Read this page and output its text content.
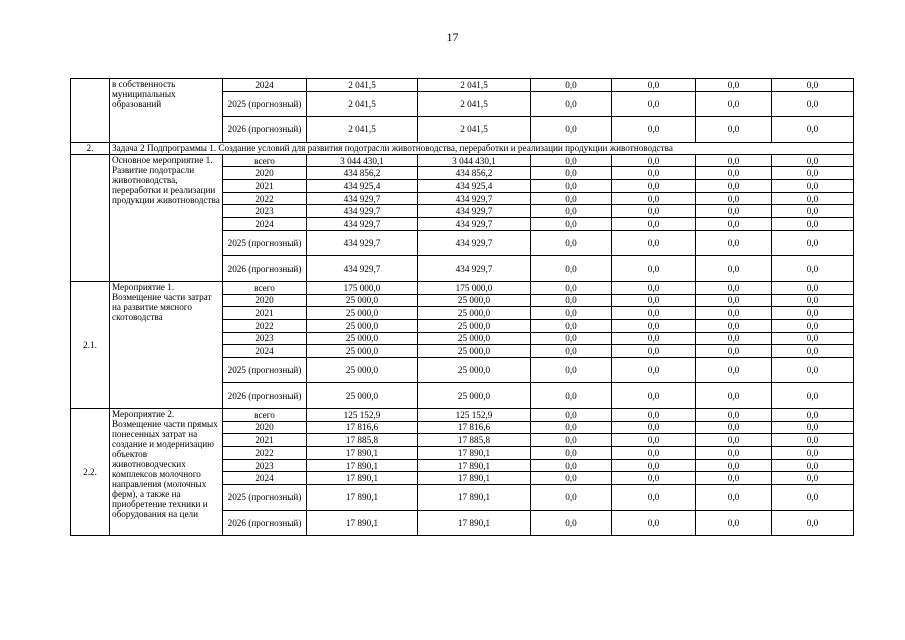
17
	в собственность муниципальных образований	2024	2 041,5	2 041,5	0,0	0,0	0,0	0,0
		2025 (прогнозный)	2 041,5	2 041,5	0,0	0,0	0,0	0,0
		2026 (прогнозный)	2 041,5	2 041,5	0,0	0,0	0,0	0,0
2.	Задача 2 Подпрограммы 1. Создание условий для развития подотрасли животноводства, переработки и реализации продукции животноводства							
	Основное мероприятие 1. Развитие подотрасли животноводства, переработки и реализации продукции животноводства	всего	3 044 430,1	3 044 430,1	0,0	0,0	0,0	0,0
		2020	434 856,2	434 856,2	0,0	0,0	0,0	0,0
		2021	434 925,4	434 925,4	0,0	0,0	0,0	0,0
		2022	434 929,7	434 929,7	0,0	0,0	0,0	0,0
		2023	434 929,7	434 929,7	0,0	0,0	0,0	0,0
		2024	434 929,7	434 929,7	0,0	0,0	0,0	0,0
		2025 (прогнозный)	434 929,7	434 929,7	0,0	0,0	0,0	0,0
		2026 (прогнозный)	434 929,7	434 929,7	0,0	0,0	0,0	0,0
2.1.	Мероприятие 1. Возмещение части затрат на развитие мясного скотоводства	всего	175 000,0	175 000,0	0,0	0,0	0,0	0,0
		2020	25 000,0	25 000,0	0,0	0,0	0,0	0,0
		2021	25 000,0	25 000,0	0,0	0,0	0,0	0,0
		2022	25 000,0	25 000,0	0,0	0,0	0,0	0,0
		2023	25 000,0	25 000,0	0,0	0,0	0,0	0,0
		2024	25 000,0	25 000,0	0,0	0,0	0,0	0,0
		2025 (прогнозный)	25 000,0	25 000,0	0,0	0,0	0,0	0,0
		2026 (прогнозный)	25 000,0	25 000,0	0,0	0,0	0,0	0,0
2.2.	Мероприятие 2. Возмещение части прямых понесенных затрат на создание и модернизацию объектов животноводческих комплексов молочного направления (молочных ферм), а также на приобретение техники и оборудования на цели	всего	125 152,9	125 152,9	0,0	0,0	0,0	0,0
		2020	17 816,6	17 816,6	0,0	0,0	0,0	0,0
		2021	17 885,8	17 885,8	0,0	0,0	0,0	0,0
		2022	17 890,1	17 890,1	0,0	0,0	0,0	0,0
		2023	17 890,1	17 890,1	0,0	0,0	0,0	0,0
		2024	17 890,1	17 890,1	0,0	0,0	0,0	0,0
		2025 (прогнозный)	17 890,1	17 890,1	0,0	0,0	0,0	0,0
		2026 (прогнозный)	17 890,1	17 890,1	0,0	0,0	0,0	0,0
